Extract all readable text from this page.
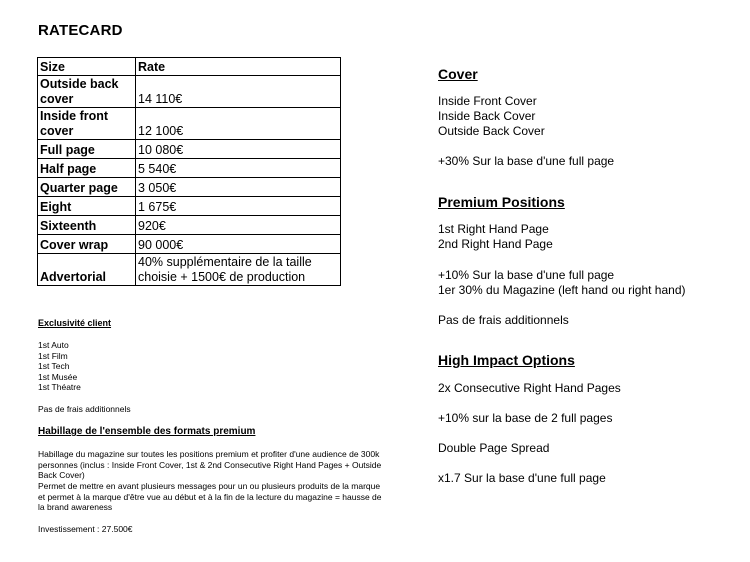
RATECARD
Size	Rate
Outside back cover	14 110€
Inside front cover	12 100€
Full page	10 080€
Half page	5 540€
Quarter page	3 050€
Eight	1 675€
Sixteenth	920€
Cover wrap	90 000€
Advertorial	40% supplémentaire de la taille choisie + 1500€ de production
Exclusivité client
1st Auto
1st Film
1st Tech
1st Musée
1st Théatre
Pas de frais additionnels
Habillage de l'ensemble des formats premium
Habillage du magazine sur toutes les positions premium et profiter d'une audience de 300k personnes (inclus : Inside Front Cover, 1st & 2nd Consecutive Right Hand Pages + Outside Back Cover)
Permet de mettre en avant plusieurs messages pour un ou plusieurs produits de la marque et permet à la marque d'être vue au début et à la fin de la lecture du magazine = hausse de la brand awareness
Investissement : 27.500€
Cover
Inside Front Cover
Inside Back Cover
Outside Back Cover
+30% Sur la base d'une full page
Premium Positions
1st Right Hand Page
2nd Right Hand Page
+10% Sur la base d'une full page
1er 30% du Magazine (left hand ou right hand)
Pas de frais additionnels
High Impact Options
2x Consecutive Right Hand Pages
+10% sur la base de 2 full pages
Double Page Spread
x1.7 Sur la base d'une full page
